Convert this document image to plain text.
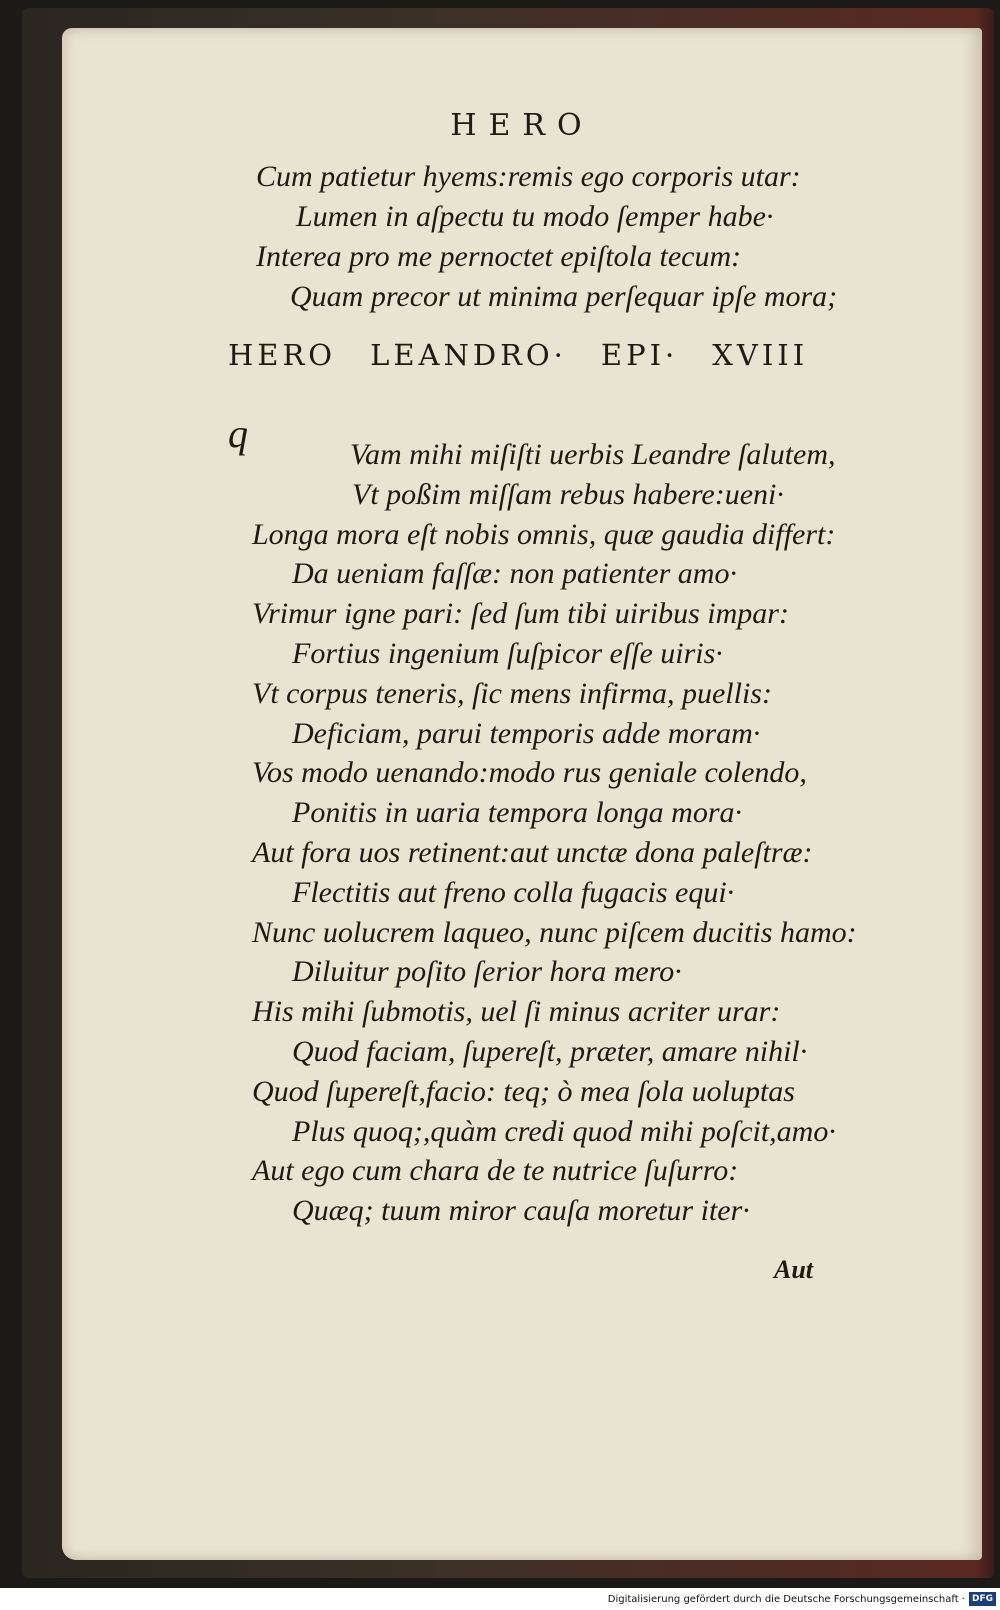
HERO
Cum patietur hyems:remis ego corporis utar:
Lumen in aſpectu tu modo ſemper habe·
Interea pro me pernoctet epiſtola tecum:
Quam precor ut minima perſequar ipſe mora;
HERO LEANDRO· EPI· XVIII
q	Vam mihi miſiſti uerbis Leandre ſalutem,
Vt poßim miſſam rebus habere:ueni·
Longa mora eſt nobis omnis, quæ gaudia differt:
Da ueniam faſſæ: non patienter amo·
Vrimur igne pari: ſed ſum tibi uiribus impar:
Fortius ingenium ſuſpicor eſſe uiris·
Vt corpus teneris, ſic mens infirma, puellis:
Deficiam, parui temporis adde moram·
Vos modo uenando:modo rus geniale colendo,
Ponitis in uaria tempora longa mora·
Aut fora uos retinent:aut unctæ dona paleſtræ:
Flectitis aut freno colla fugacis equi·
Nunc uolucrem laqueo, nunc piſcem ducitis hamo:
Diluitur poſito ſerior hora mero·
His mihi ſubmotis, uel ſi minus acriter urar:
Quod faciam, ſupereſt, præter, amare nihil·
Quod ſupereſt,facio: teq; ò mea ſola uoluptas
Plus quoq;,quàm credi quod mihi poſcit,amo·
Aut ego cum chara de te nutrice ſuſurro:
Quæq; tuum miror cauſa moretur iter·
Aut
Digitalisierung gefördert durch die Deutsche Forschungsgemeinschaft · DFG
